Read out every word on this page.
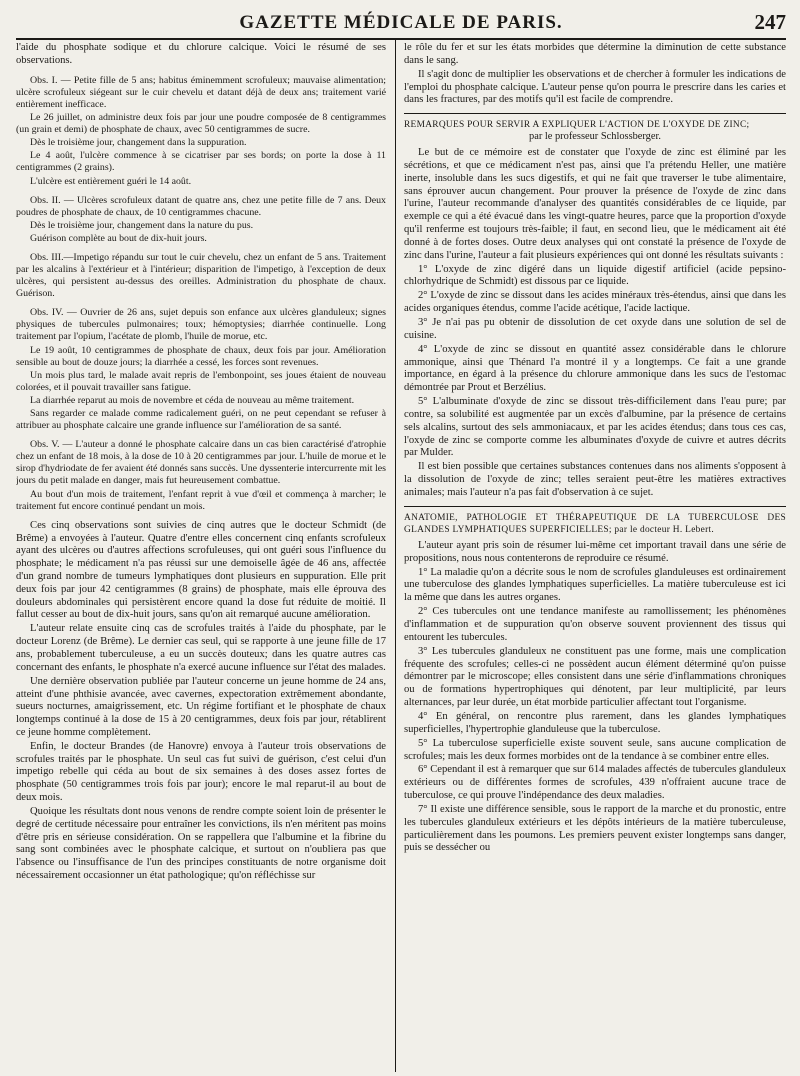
GAZETTE MÉDICALE DE PARIS.	247

l'aide du phosphate sodique et du chlorure calcique. Voici le résumé de ses observations.

Obs. I. — Petite fille de 5 ans; habitus éminemment scrofuleux; mauvaise alimentation; ulcère scrofuleux siégeant sur le cuir chevelu et datant déjà de deux ans; traitement varié entièrement inefficace.

Le 26 juillet, on administre deux fois par jour une poudre composée de 8 centigrammes (un grain et demi) de phosphate de chaux, avec 50 centigrammes de sucre.

Dès le troisième jour, changement dans la suppuration.

Le 4 août, l'ulcère commence à se cicatriser par ses bords; on porte la dose à 11 centigrammes (2 grains).

L'ulcère est entièrement guéri le 14 août.

Obs. II. — Ulcères scrofuleux datant de quatre ans, chez une petite fille de 7 ans. Deux poudres de phosphate de chaux, de 10 centigrammes chacune.

Dès le troisième jour, changement dans la nature du pus.

Guérison complète au bout de dix-huit jours.

Obs. III.—Impetigo répandu sur tout le cuir chevelu, chez un enfant de 5 ans. Traitement par les alcalins à l'extérieur et à l'intérieur; disparition de l'impetigo, à l'exception de deux ulcères, qui persistent au-dessus des oreilles. Administration du phosphate de chaux. Guérison.

Obs. IV. — Ouvrier de 26 ans, sujet depuis son enfance aux ulcères glanduleux; signes physiques de tubercules pulmonaires; toux; hémoptysies; diarrhée continuelle. Long traitement par l'opium, l'acétate de plomb, l'huile de morue, etc.

Le 19 août, 10 centigrammes de phosphate de chaux, deux fois par jour. Amélioration sensible au bout de douze jours; la diarrhée a cessé, les forces sont revenues.

Un mois plus tard, le malade avait repris de l'embonpoint, ses joues étaient de nouveau colorées, et il pouvait travailler sans fatigue.

La diarrhée reparut au mois de novembre et céda de nouveau au même traitement.

Sans regarder ce malade comme radicalement guéri, on ne peut cependant se refuser à attribuer au phosphate calcaire une grande influence sur l'amélioration de sa santé.

Obs. V. — L'auteur a donné le phosphate calcaire dans un cas bien caractérisé d'atrophie chez un enfant de 18 mois, à la dose de 10 à 20 centigrammes par jour. L'huile de morue et le sirop d'hydriodate de fer avaient été donnés sans succès. Une dyssenterie intercurrente mit les jours du petit malade en danger, mais fut heureusement combattue.

Au bout d'un mois de traitement, l'enfant reprit à vue d'œil et commença à marcher; le traitement fut encore continué pendant un mois.

Ces cinq observations sont suivies de cinq autres que le docteur Schmidt (de Brême) a envoyées à l'auteur. Quatre d'entre elles concernent cinq enfants scrofuleux ayant des ulcères ou d'autres affections scrofuleuses, qui ont guéri sous l'influence du phosphate; le médicament n'a pas réussi sur une demoiselle âgée de 46 ans, affectée d'un grand nombre de tumeurs lymphatiques dont plusieurs en suppuration. Elle prit deux fois par jour 42 centigrammes (8 grains) de phosphate, mais elle éprouva des douleurs abdominales qui persistèrent encore quand la dose fut réduite de moitié. Il fallut cesser au bout de dix-huit jours, sans qu'on ait remarqué aucune amélioration.

L'auteur relate ensuite cinq cas de scrofules traités à l'aide du phosphate, par le docteur Lorenz (de Brême). Le dernier cas seul, qui se rapporte à une jeune fille de 17 ans, probablement tuberculeuse, a eu un succès douteux; dans les quatre autres cas concernant des enfants, le phosphate n'a exercé aucune influence sur l'état des malades.

Une dernière observation publiée par l'auteur concerne un jeune homme de 24 ans, atteint d'une phthisie avancée, avec cavernes, expectoration extrêmement abondante, sueurs nocturnes, amaigrissement, etc. Un régime fortifiant et le phosphate de chaux longtemps continué à la dose de 15 à 20 centigrammes, deux fois par jour, rétablirent ce jeune homme complètement.

Enfin, le docteur Brandes (de Hanovre) envoya à l'auteur trois observations de scrofules traités par le phosphate. Un seul cas fut suivi de guérison, c'est celui d'un impetigo rebelle qui céda au bout de six semaines à des doses assez fortes de phosphate (50 centigrammes trois fois par jour); encore le mal reparut-il au bout de deux mois.

Quoique les résultats dont nous venons de rendre compte soient loin de présenter le degré de certitude nécessaire pour entraîner les convictions, ils n'en méritent pas moins d'être pris en sérieuse considération. On se rappellera que l'albumine et la fibrine du sang sont combinées avec le phosphate calcique, et surtout on n'oubliera pas que l'absence ou l'insuffisance de l'un des principes constituants de notre organisme doit nécessairement occasionner un état pathologique; qu'on réfléchisse sur

le rôle du fer et sur les états morbides que détermine la diminution de cette substance dans le sang.

Il s'agit donc de multiplier les observations et de chercher à formuler les indications de l'emploi du phosphate calcique. L'auteur pense qu'on pourra le prescrire dans les caries et dans les fractures, par des motifs qu'il est facile de comprendre.

REMARQUES POUR SERVIR A EXPLIQUER L'ACTION DE L'OXYDE DE ZINC;
par le professeur Schlossberger.

Le but de ce mémoire est de constater que l'oxyde de zinc est éliminé par les sécrétions, et que ce médicament n'est pas, ainsi que l'a prétendu Heller, une matière inerte, insoluble dans les sucs digestifs, et qui ne fait que traverser le tube alimentaire, sans éprouver aucun changement. Pour prouver la présence de l'oxyde de zinc dans l'urine, l'auteur recommande d'analyser des quantités considérables de ce liquide, par exemple ce qui a été évacué dans les vingt-quatre heures, parce que la proportion d'oxyde qu'il renferme est toujours très-faible; il faut, en second lieu, que le médicament ait été donné à de fortes doses. Outre deux analyses qui ont constaté la présence de l'oxyde de zinc dans l'urine, l'auteur a fait plusieurs expériences qui ont donné les résultats suivants :

1° L'oxyde de zinc digéré dans un liquide digestif artificiel (acide pepsino-chlorhydrique de Schmidt) est dissous par ce liquide.

2° L'oxyde de zinc se dissout dans les acides minéraux très-étendus, ainsi que dans les acides organiques étendus, comme l'acide acétique, l'acide lactique.

3° Je n'ai pas pu obtenir de dissolution de cet oxyde dans une solution de sel de cuisine.

4° L'oxyde de zinc se dissout en quantité assez considérable dans le chlorure ammonique, ainsi que Thénard l'a montré il y a longtemps. Ce fait a une grande importance, en égard à la présence du chlorure ammonique dans les sucs de l'estomac démontrée par Prout et Berzélius.

5° L'albuminate d'oxyde de zinc se dissout très-difficilement dans l'eau pure; par contre, sa solubilité est augmentée par un excès d'albumine, par la présence de certains sels alcalins, surtout des sels ammoniacaux, et par les acides étendus; dans tous ces cas, l'oxyde de zinc se comporte comme les albuminates d'oxyde de cuivre et autres décrits par Mulder.

Il est bien possible que certaines substances contenues dans nos aliments s'opposent à la dissolution de l'oxyde de zinc; telles seraient peut-être les matières extractives animales; mais l'auteur n'a pas fait d'observation à ce sujet.

ANATOMIE, PATHOLOGIE ET THÉRAPEUTIQUE DE LA TUBERCULOSE DES GLANDES LYMPHATIQUES SUPERFICIELLES; par le docteur H. Lebert.

L'auteur ayant pris soin de résumer lui-même cet important travail dans une série de propositions, nous nous contenterons de reproduire ce résumé.

1° La maladie qu'on a décrite sous le nom de scrofules glanduleuses est ordinairement une tuberculose des glandes lymphatiques superficielles. La matière tuberculeuse est ici la même que dans les autres organes.

2° Ces tubercules ont une tendance manifeste au ramollissement; les phénomènes d'inflammation et de suppuration qu'on observe souvent proviennent des tissus qui entourent les tubercules.

3° Les tubercules glanduleux ne constituent pas une forme, mais une complication fréquente des scrofules; celles-ci ne possèdent aucun élément déterminé qu'on puisse démontrer par le microscope; elles consistent dans une série d'inflammations chroniques ou de formations hypertrophiques qui dénotent, par leur multiplicité, par leurs alternances, par leur durée, un état morbide particulier affectant tout l'organisme.

4° En général, on rencontre plus rarement, dans les glandes lymphatiques superficielles, l'hypertrophie glanduleuse que la tuberculose.

5° La tuberculose superficielle existe souvent seule, sans aucune complication de scrofules; mais les deux formes morbides ont de la tendance à se combiner entre elles.

6° Cependant il est à remarquer que sur 614 malades affectés de tubercules glanduleux extérieurs ou de différentes formes de scrofules, 439 n'offraient aucune trace de tuberculose, ce qui prouve l'indépendance des deux maladies.

7° Il existe une différence sensible, sous le rapport de la marche et du pronostic, entre les tubercules glanduleux extérieurs et les dépôts intérieurs de la matière tuberculeuse, particulièrement dans les poumons. Les premiers peuvent exister longtemps sans danger, puis se dessécher ou
